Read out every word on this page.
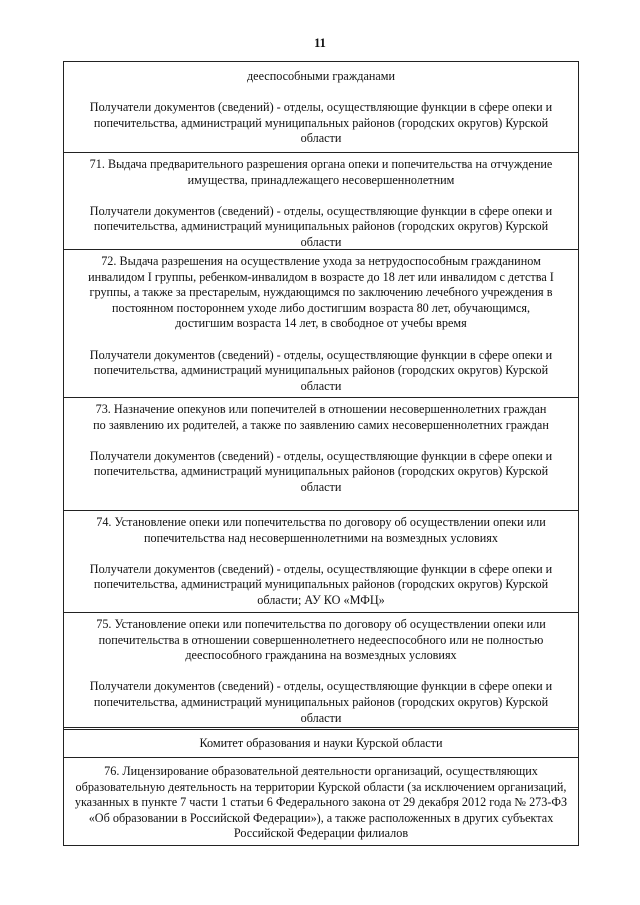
11

дееспособными гражданами

Получатели документов (сведений) - отделы, осуществляющие функции в сфере опеки и попечительства, администраций муниципальных районов (городских округов) Курской области

71. Выдача предварительного разрешения органа опеки и попечительства на отчуждение имущества, принадлежащего несовершеннолетним

Получатели документов (сведений) - отделы, осуществляющие функции в сфере опеки и попечительства, администраций муниципальных районов (городских округов) Курской области

72. Выдача разрешения на осуществление ухода за нетрудоспособным гражданином инвалидом I группы, ребенком-инвалидом в возрасте до 18 лет или инвалидом с детства I группы, а также за престарелым, нуждающимся по заключению лечебного учреждения в постоянном постороннем уходе либо достигшим возраста 80 лет, обучающимся, достигшим возраста 14 лет, в свободное от учебы время

Получатели документов (сведений) - отделы, осуществляющие функции в сфере опеки и попечительства, администраций муниципальных районов (городских округов) Курской области

73. Назначение опекунов или попечителей в отношении несовершеннолетних граждан по заявлению их родителей, а также по заявлению самих несовершеннолетних граждан

Получатели документов (сведений) - отделы, осуществляющие функции в сфере опеки и попечительства, администраций муниципальных районов (городских округов) Курской области

74. Установление опеки или попечительства по договору об осуществлении опеки или попечительства над несовершеннолетними на возмездных условиях

Получатели документов (сведений) - отделы, осуществляющие функции в сфере опеки и попечительства, администраций муниципальных районов (городских округов) Курской области; АУ КО «МФЦ»

75. Установление опеки или попечительства по договору об осуществлении опеки или попечительства в отношении совершеннолетнего недееспособного или не полностью дееспособного гражданина на возмездных условиях

Получатели документов (сведений) - отделы, осуществляющие функции в сфере опеки и попечительства, администраций муниципальных районов (городских округов) Курской области

Комитет образования и науки Курской области

76. Лицензирование образовательной деятельности организаций, осуществляющих образовательную деятельность на территории Курской области (за исключением организаций, указанных в пункте 7 части 1 статьи 6 Федерального закона от 29 декабря 2012 года № 273-ФЗ «Об образовании в Российской Федерации»), а также расположенных в других субъектах Российской Федерации филиалов
